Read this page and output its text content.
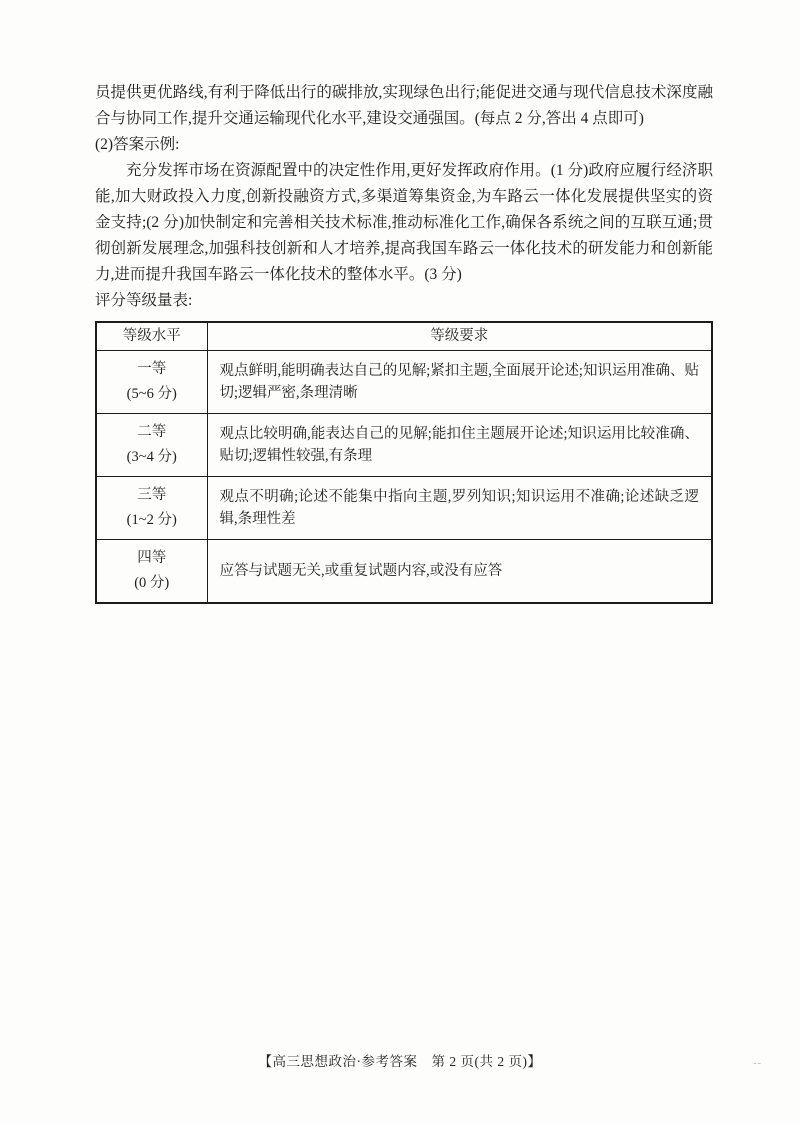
员提供更优路线,有利于降低出行的碳排放,实现绿色出行;能促进交通与现代信息技术深度融合与协同工作,提升交通运输现代化水平,建设交通强国。(每点 2 分,答出 4 点即可)

(2)答案示例:

充分发挥市场在资源配置中的决定性作用,更好发挥政府作用。(1 分)政府应履行经济职能,加大财政投入力度,创新投融资方式,多渠道筹集资金,为车路云一体化发展提供坚实的资金支持;(2 分)加快制定和完善相关技术标准,推动标准化工作,确保各系统之间的互联互通;贯彻创新发展理念,加强科技创新和人才培养,提高我国车路云一体化技术的研发能力和创新能力,进而提升我国车路云一体化技术的整体水平。(3 分)

评分等级量表:

等级水平	等级要求

一等
(5~6 分)	观点鲜明,能明确表达自己的见解;紧扣主题,全面展开论述;知识运用准确、贴切;逻辑严密,条理清晰

二等
(3~4 分)	观点比较明确,能表达自己的见解;能扣住主题展开论述;知识运用比较准确、贴切;逻辑性较强,有条理

三等
(1~2 分)	观点不明确;论述不能集中指向主题,罗列知识;知识运用不准确;论述缺乏逻辑,条理性差

四等
(0 分)	应答与试题无关,或重复试题内容,或没有应答
【高三思想政治·参考答案　第 2 页(共 2 页)】	--
